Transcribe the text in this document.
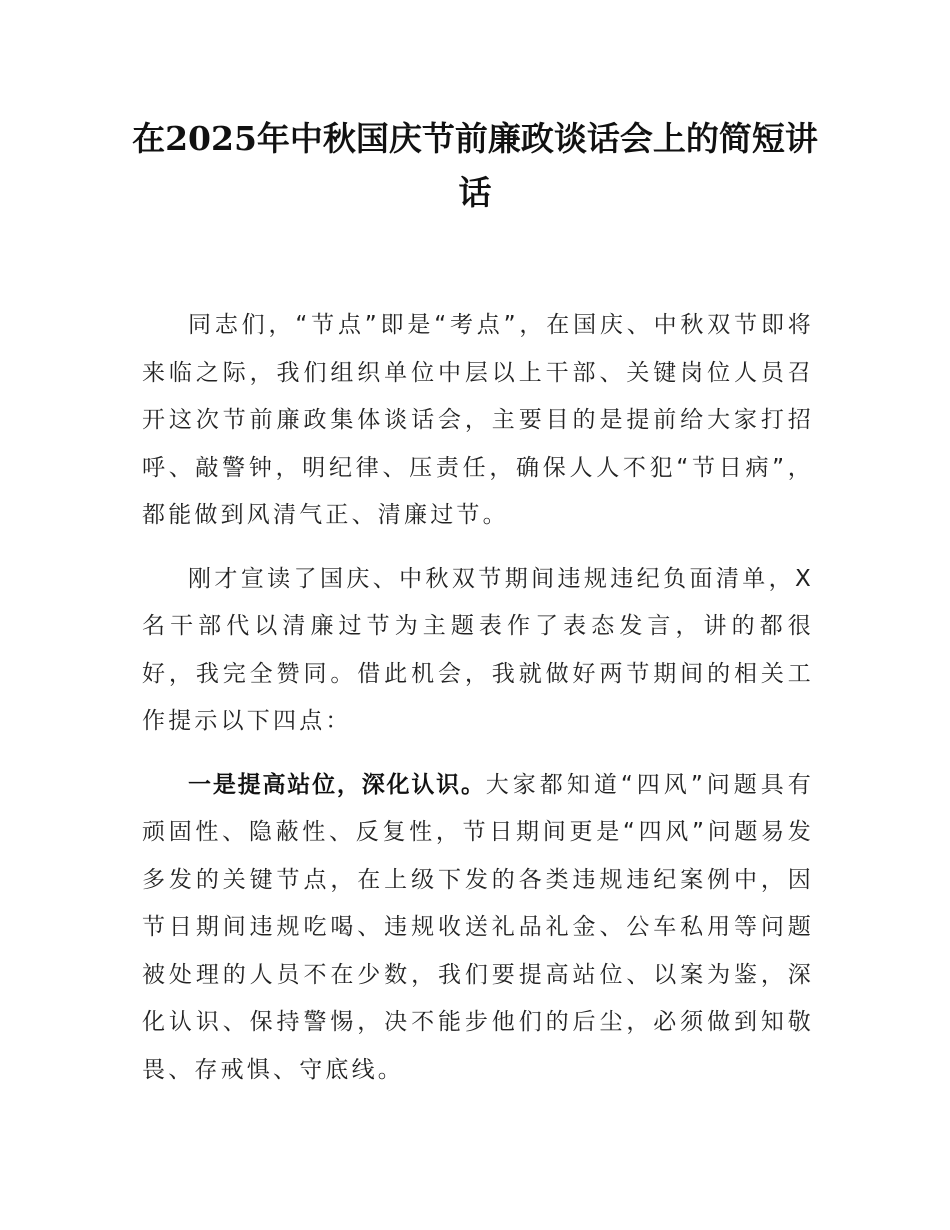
在2025年中秋国庆节前廉政谈话会上的简短讲话

同志们，“节点”即是“考点”，在国庆、中秋双节即将来临之际，我们组织单位中层以上干部、关键岗位人员召开这次节前廉政集体谈话会，主要目的是提前给大家打招呼、敲警钟，明纪律、压责任，确保人人不犯“节日病”，都能做到风清气正、清廉过节。

刚才宣读了国庆、中秋双节期间违规违纪负面清单，X名干部代以清廉过节为主题表作了表态发言，讲的都很好，我完全赞同。借此机会，我就做好两节期间的相关工作提示以下四点：

一是提高站位，深化认识。大家都知道“四风”问题具有顽固性、隐蔽性、反复性，节日期间更是“四风”问题易发多发的关键节点，在上级下发的各类违规违纪案例中，因节日期间违规吃喝、违规收送礼品礼金、公车私用等问题被处理的人员不在少数，我们要提高站位、以案为鉴，深化认识、保持警惕，决不能步他们的后尘，必须做到知敬畏、存戒惧、守底线。
